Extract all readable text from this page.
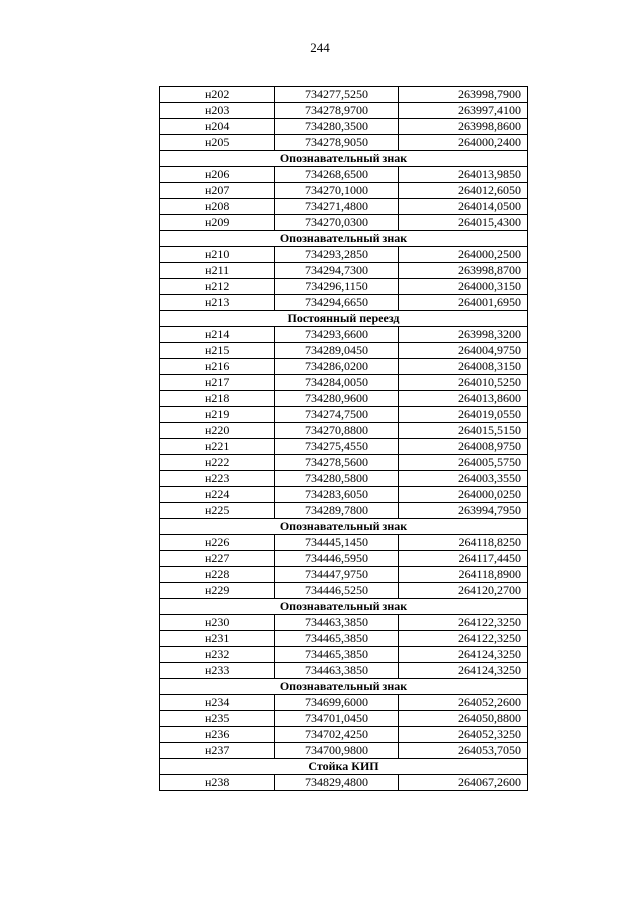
244
н202	734277,5250	263998,7900
н203	734278,9700	263997,4100
н204	734280,3500	263998,8600
н205	734278,9050	264000,2400
Опознавательный знак		
н206	734268,6500	264013,9850
н207	734270,1000	264012,6050
н208	734271,4800	264014,0500
н209	734270,0300	264015,4300
Опознавательный знак		
н210	734293,2850	264000,2500
н211	734294,7300	263998,8700
н212	734296,1150	264000,3150
н213	734294,6650	264001,6950
Постоянный переезд		
н214	734293,6600	263998,3200
н215	734289,0450	264004,9750
н216	734286,0200	264008,3150
н217	734284,0050	264010,5250
н218	734280,9600	264013,8600
н219	734274,7500	264019,0550
н220	734270,8800	264015,5150
н221	734275,4550	264008,9750
н222	734278,5600	264005,5750
н223	734280,5800	264003,3550
н224	734283,6050	264000,0250
н225	734289,7800	263994,7950
Опознавательный знак		
н226	734445,1450	264118,8250
н227	734446,5950	264117,4450
н228	734447,9750	264118,8900
н229	734446,5250	264120,2700
Опознавательный знак		
н230	734463,3850	264122,3250
н231	734465,3850	264122,3250
н232	734465,3850	264124,3250
н233	734463,3850	264124,3250
Опознавательный знак		
н234	734699,6000	264052,2600
н235	734701,0450	264050,8800
н236	734702,4250	264052,3250
н237	734700,9800	264053,7050
Стойка КИП		
н238	734829,4800	264067,2600
